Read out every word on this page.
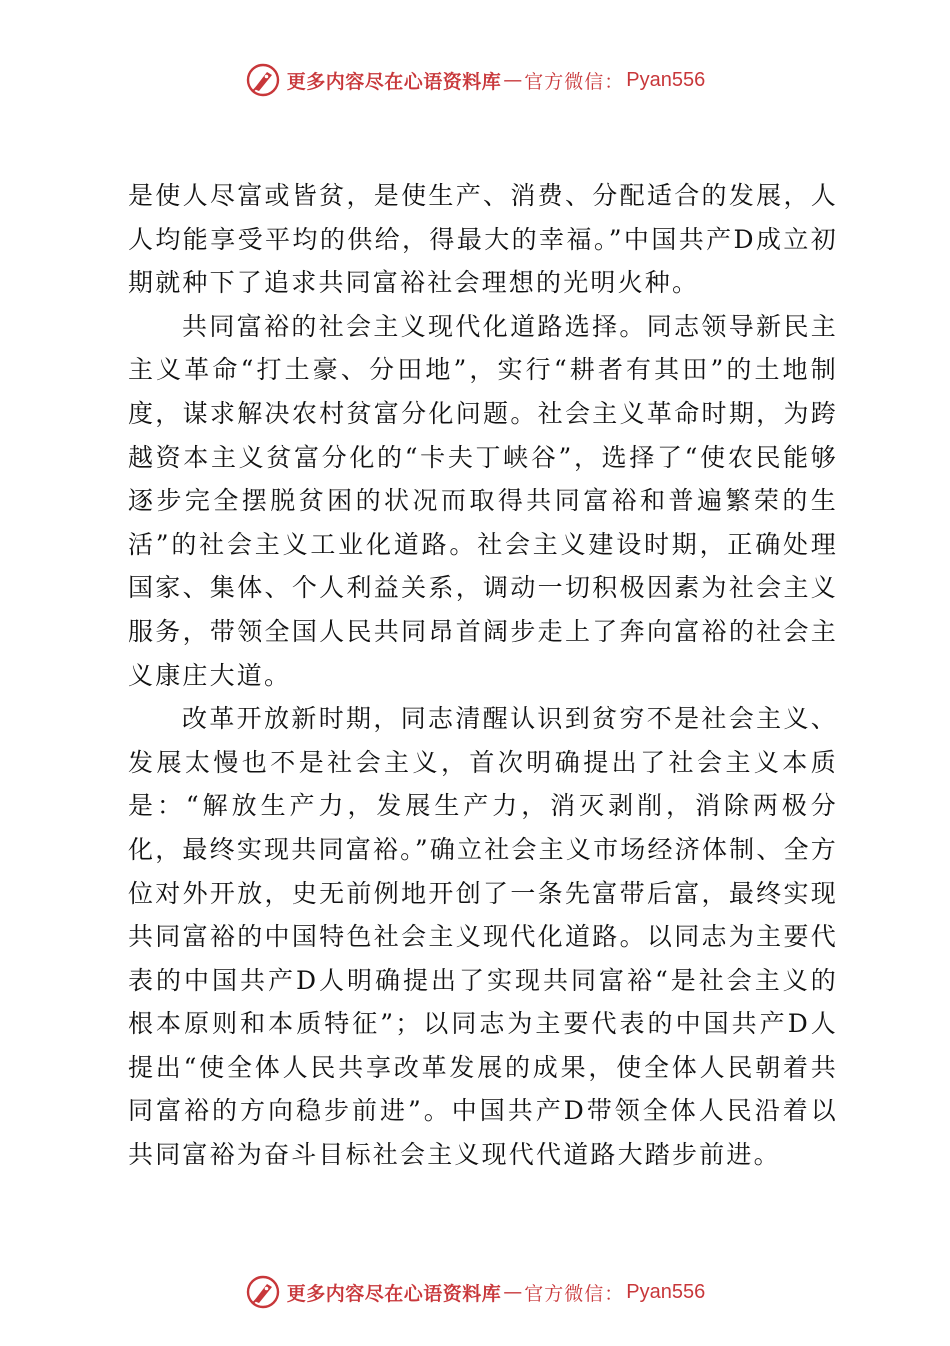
更多内容尽在心语资料库 — 官方微信： Pyan556

是使人尽富或皆贫，是使生产、消费、分配适合的发展，人人均能享受平均的供给，得最大的幸福。”中国共产D成立初期就种下了追求共同富裕社会理想的光明火种。

共同富裕的社会主义现代化道路选择。同志领导新民主主义革命“打土豪、分田地”，实行“耕者有其田”的土地制度，谋求解决农村贫富分化问题。社会主义革命时期，为跨越资本主义贫富分化的“卡夫丁峡谷”，选择了“使农民能够逐步完全摆脱贫困的状况而取得共同富裕和普遍繁荣的生活”的社会主义工业化道路。社会主义建设时期，正确处理国家、集体、个人利益关系，调动一切积极因素为社会主义服务，带领全国人民共同昂首阔步走上了奔向富裕的社会主义康庄大道。

改革开放新时期，同志清醒认识到贫穷不是社会主义、发展太慢也不是社会主义，首次明确提出了社会主义本质是：“解放生产力，发展生产力，消灭剥削，消除两极分化，最终实现共同富裕。”确立社会主义市场经济体制、全方位对外开放，史无前例地开创了一条先富带后富，最终实现共同富裕的中国特色社会主义现代化道路。以同志为主要代表的中国共产D人明确提出了实现共同富裕“是社会主义的根本原则和本质特征”；以同志为主要代表的中国共产D人提出“使全体人民共享改革发展的成果，使全体人民朝着共同富裕的方向稳步前进”。中国共产D带领全体人民沿着以共同富裕为奋斗目标社会主义现代代道路大踏步前进。

更多内容尽在心语资料库 — 官方微信： Pyan556
